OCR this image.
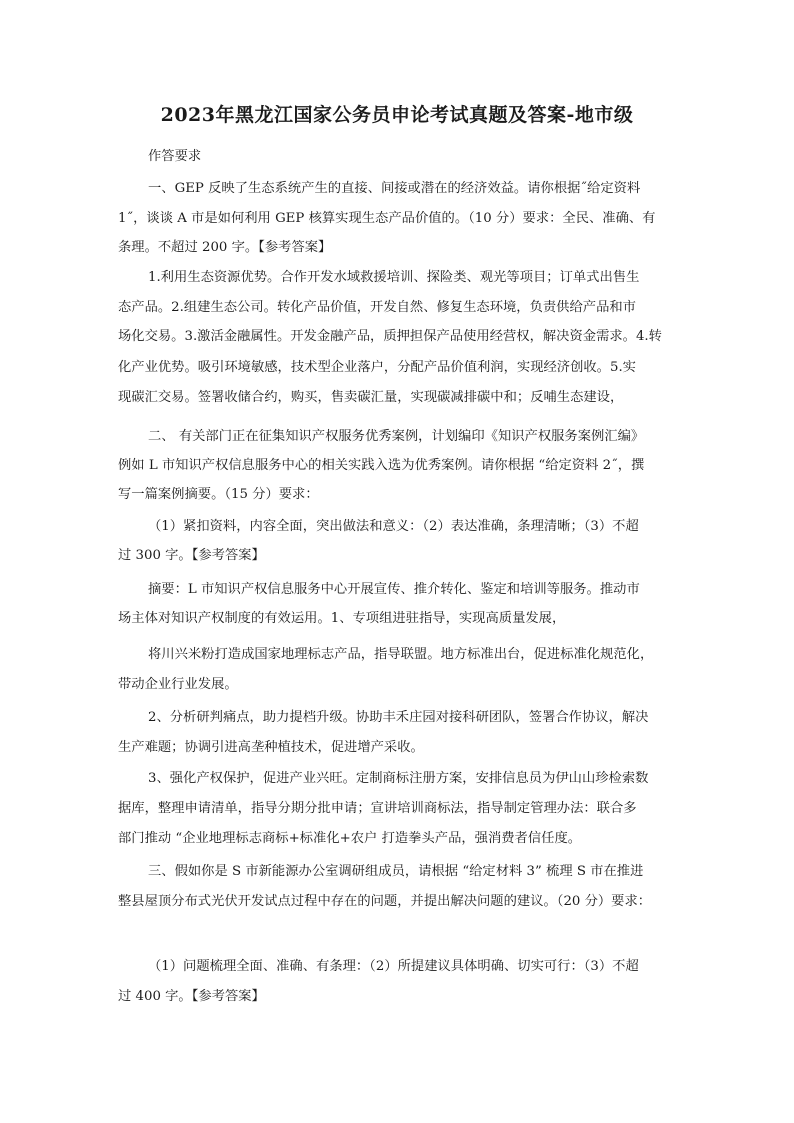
2023年黑龙江国家公务员申论考试真题及答案-地市级
作答要求
一、GEP 反映了生态系统产生的直接、间接或潜在的经济效益。请你根据˝给定资料
1˝，谈谈 A 市是如何利用 GEP 核算实现生态产品价值的。（10 分）要求：全民、准确、有
条理。不超过 200 字。【参考答案】
1.利用生态资源优势。合作开发水域救援培训、探险类、观光等项目；订单式出售生
态产品。2.组建生态公司。转化产品价值，开发自然、修复生态环境，负责供给产品和市
场化交易。3.激活金融属性。开发金融产品，质押担保产品使用经营权，解决资金需求。4.转
化产业优势。吸引环境敏感，技术型企业落户，分配产品价值利润，实现经济创收。5.实
现碳汇交易。签署收储合约，购买，售卖碳汇量，实现碳减排碳中和；反哺生态建设，
二、 有关部门正在征集知识产权服务优秀案例，计划编印《知识产权服务案例汇编》
例如 L 市知识产权信息服务中心的相关实践入选为优秀案例。请你根据 “给定资料 2˝，撰
写一篇案例摘要。（15 分）要求：
（1）紧扣资料，内容全面，突出做法和意义：（2）表达准确，条理清晰；（3）不超
过 300 字。【参考答案】
摘要：L 市知识产权信息服务中心开展宣传、推介转化、鉴定和培训等服务。推动市
场主体对知识产权制度的有效运用。1、专项组进驻指导，实现高质量发展，
将川兴米粉打造成国家地理标志产品，指导联盟。地方标准出台，促进标准化规范化，
带动企业行业发展。
2、分析研判痛点，助力提档升级。协助丰禾庄园对接科研团队，签署合作协议，解决
生产难题；协调引进高垄种植技术，促进增产采收。
3、强化产权保护，促进产业兴旺。定制商标注册方案，安排信息员为伊山山珍检索数
据库，整理申请清单，指导分期分批申请；宣讲培训商标法，指导制定管理办法：联合多
部门推动 “企业地理标志商标+标准化+农户 打造拳头产品，强消费者信任度。
三、假如你是 S 市新能源办公室调研组成员，请根据 “给定材料 3” 梳理 S 市在推进
整县屋顶分布式光伏开发试点过程中存在的问题，并提出解决问题的建议。（20 分）要求：
（1）问题梳理全面、准确、有条理：（2）所提建议具体明确、切实可行：（3）不超
过 400 字。【参考答案】
